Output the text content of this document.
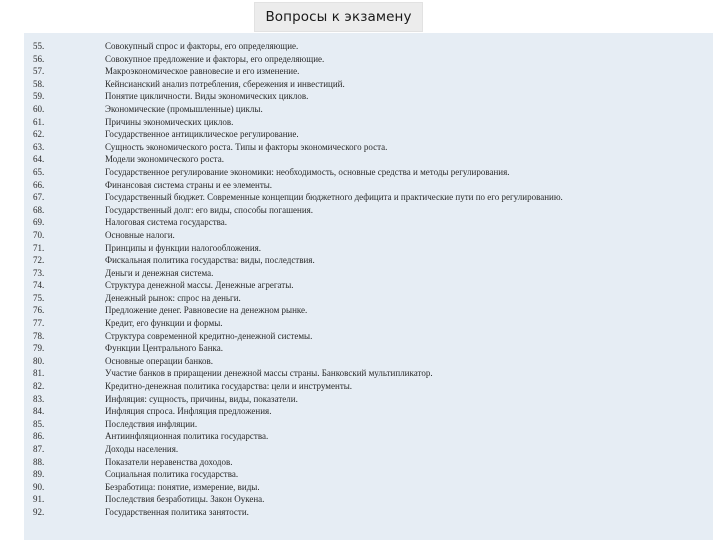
Вопросы к экзамену
55.	Совокупный спрос и факторы, его определяющие.
56.	Совокупное предложение и факторы, его определяющие.
57.	Макроэкономическое равновесие и его изменение.
58.	Кейнсианский анализ потребления, сбережения и инвестиций.
59.	Понятие цикличности. Виды экономических циклов.
60.	Экономические (промышленные) циклы.
61.	Причины экономических циклов.
62.	Государственное антициклическое регулирование.
63.	Сущность экономического роста. Типы и факторы экономического роста.
64.	Модели экономического роста.
65.	Государственное регулирование экономики: необходимость, основные средства и методы регулирования.
66.	Финансовая система страны и ее элементы.
67.	Государственный бюджет. Современные концепции бюджетного дефицита и практические пути по его регулированию.
68.	Государственный долг: его виды, способы погашения.
69.	Налоговая система государства.
70.	Основные налоги.
71.	Принципы и функции налогообложения.
72.	Фискальная политика государства: виды, последствия.
73.	Деньги и денежная система.
74.	Структура денежной массы. Денежные агрегаты.
75.	Денежный рынок: спрос на деньги.
76.	Предложение денег. Равновесие на денежном рынке.
77.	Кредит, его функции и формы.
78.	Структура современной кредитно-денежной системы.
79.	Функции Центрального Банка.
80.	Основные операции банков.
81.	Участие банков в приращении денежной массы страны. Банковский мультипликатор.
82.	Кредитно-денежная политика государства: цели и инструменты.
83.	Инфляция: сущность, причины, виды, показатели.
84.	Инфляция спроса. Инфляция предложения.
85.	Последствия инфляции.
86.	Антиинфляционная политика государства.
87.	Доходы населения.
88.	Показатели неравенства доходов.
89.	Социальная политика государства.
90.	Безработица: понятие, измерение, виды.
91.	Последствия безработицы. Закон Оукена.
92.	Государственная политика занятости.
